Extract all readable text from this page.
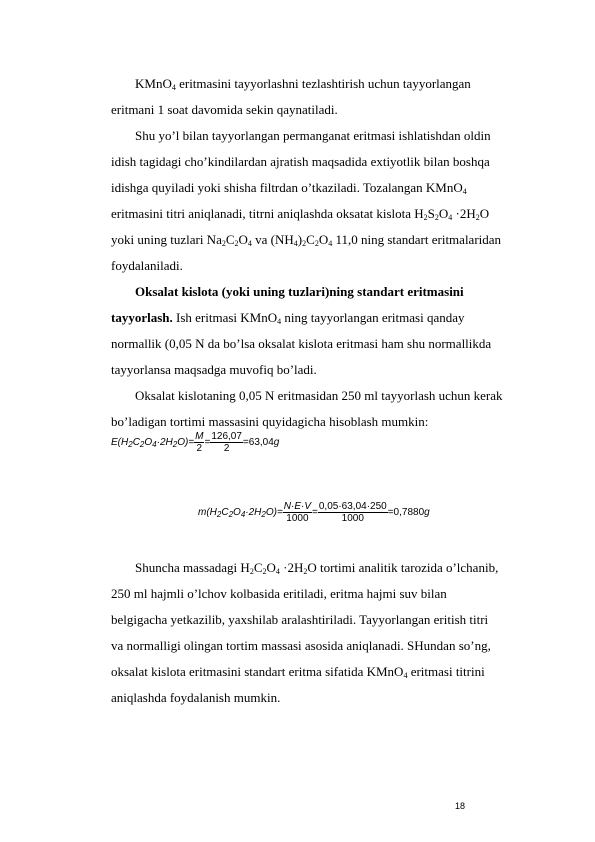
KMnO$_4$ eritmasini tayyorlashni tezlashtirish uchun tayyorlangan
eritmani 1 soat davomida sekin qaynatiladi.
Shu yo’l bilan tayyorlangan permanganat eritmasi ishlatishdan oldin
idish tagidagi cho’kindilardan ajratish maqsadida extiyotlik bilan boshqa
idishga quyiladi yoki shisha filtrdan o’tkaziladi. Tozalangan KMnO$_4$
eritmasini titri aniqlanadi, titrni aniqlashda oksatat kislota $H_2S_2O_4 \cdot 2H_2O$
yoki uning tuzlari $Na_2C_2O_4$ va $(NH_4)_2C_2O_4$ 11,0 ning standart eritmalaridan
foydalaniladi.
Oksalat kislota (yoki uning tuzlari)ning standart eritmasini
tayyorlash. Ish eritmasi KMnO$_4$ ning tayyorlangan eritmasi qanday
normallik (0,05 N da bo’lsa oksalat kislota eritmasi ham shu normallikda
tayyorlansa maqsadga muvofiq bo’ladi.
Oksalat kislotaning 0,05 N eritmasidan 250 ml tayyorlash uchun kerak
bo’ladigan tortimi massasini quyidagicha hisoblash mumkin:
$E(H_2C_2O_4\cdot 2H_2O)= \frac{M}{2} = \frac{126,07}{2} =63,04g$
$m(H_2C_2O_4\cdot 2H_2O)= \frac{N\cdot E\cdot V}{1000} = \frac{0,05\cdot 63,04\cdot 250}{1000} =0,7880g$
Shuncha massadagi $H_2C_2O_4 \cdot 2H_2O$ tortimi analitik tarozida o’lchanib,
250 ml hajmli o’lchov kolbasida eritiladi, eritma hajmi suv bilan
belgigacha yetkazilib, yaxshilab aralashtiriladi. Tayyorlangan eritish titri
va normalligi olingan tortim massasi asosida aniqlanadi. SHundan so’ng,
oksalat kislota eritmasini standart eritma sifatida KMnO$_4$ eritmasi titrini
aniqlashda foydalanish mumkin.
18
